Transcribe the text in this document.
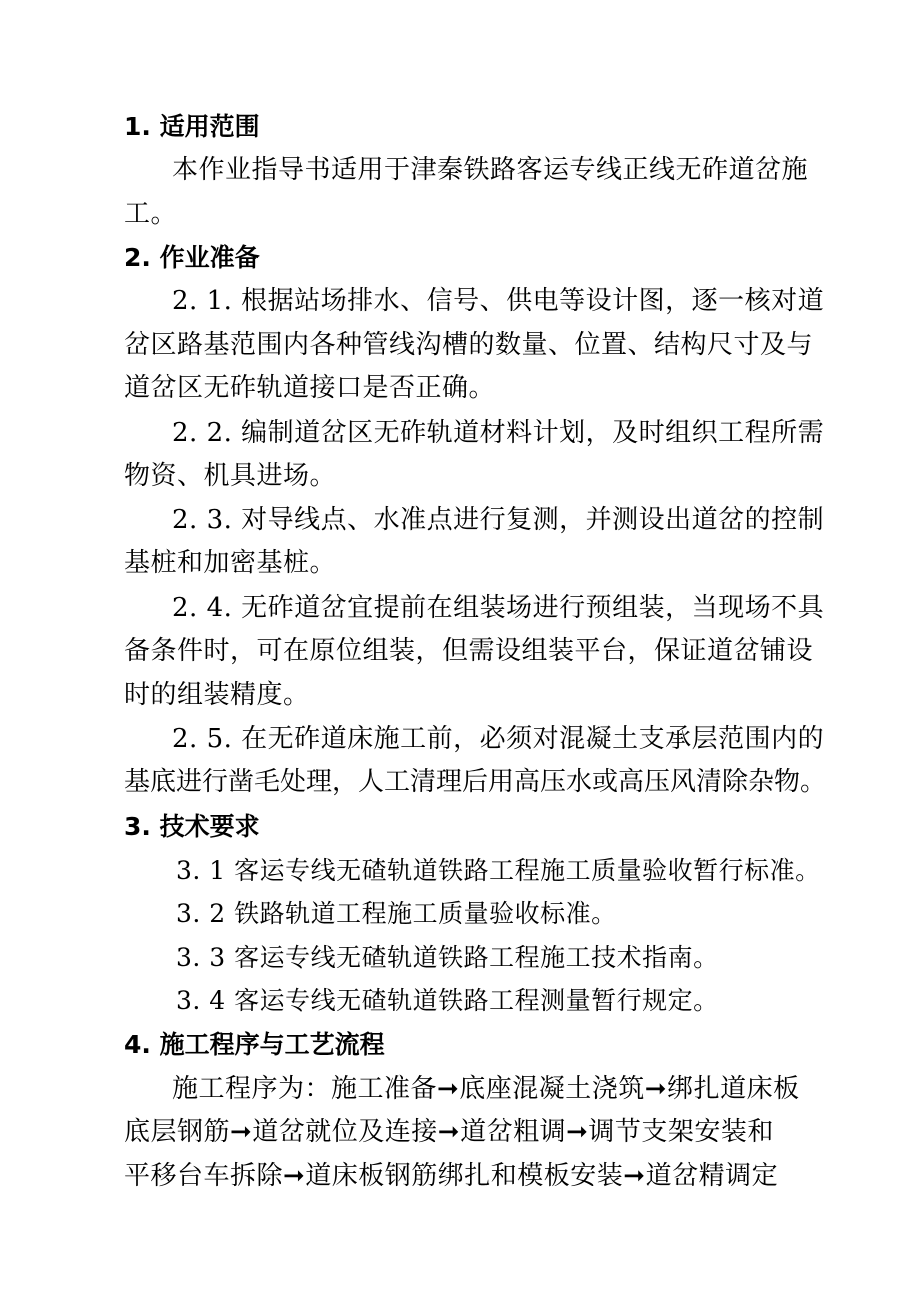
1. 适用范围
本作业指导书适用于津秦铁路客运专线正线无砟道岔施
工。
2. 作业准备
2. 1. 根据站场排水、信号、供电等设计图，逐一核对道
岔区路基范围内各种管线沟槽的数量、位置、结构尺寸及与
道岔区无砟轨道接口是否正确。
2. 2. 编制道岔区无砟轨道材料计划，及时组织工程所需
物资、机具进场。
2. 3. 对导线点、水准点进行复测，并测设出道岔的控制
基桩和加密基桩。
2. 4. 无砟道岔宜提前在组装场进行预组装，当现场不具
备条件时，可在原位组装，但需设组装平台，保证道岔铺设
时的组装精度。
2. 5. 在无砟道床施工前，必须对混凝土支承层范围内的
基底进行凿毛处理，人工清理后用高压水或高压风清除杂物。
3. 技术要求
3. 1 客运专线无碴轨道铁路工程施工质量验收暂行标准。
3. 2 铁路轨道工程施工质量验收标准。
3. 3 客运专线无碴轨道铁路工程施工技术指南。
3. 4 客运专线无碴轨道铁路工程测量暂行规定。
4. 施工程序与工艺流程
施工程序为：施工准备➞底座混凝土浇筑➞绑扎道床板
底层钢筋➞道岔就位及连接➞道岔粗调➞调节支架安装和
平移台车拆除➞道床板钢筋绑扎和模板安装➞道岔精调定
